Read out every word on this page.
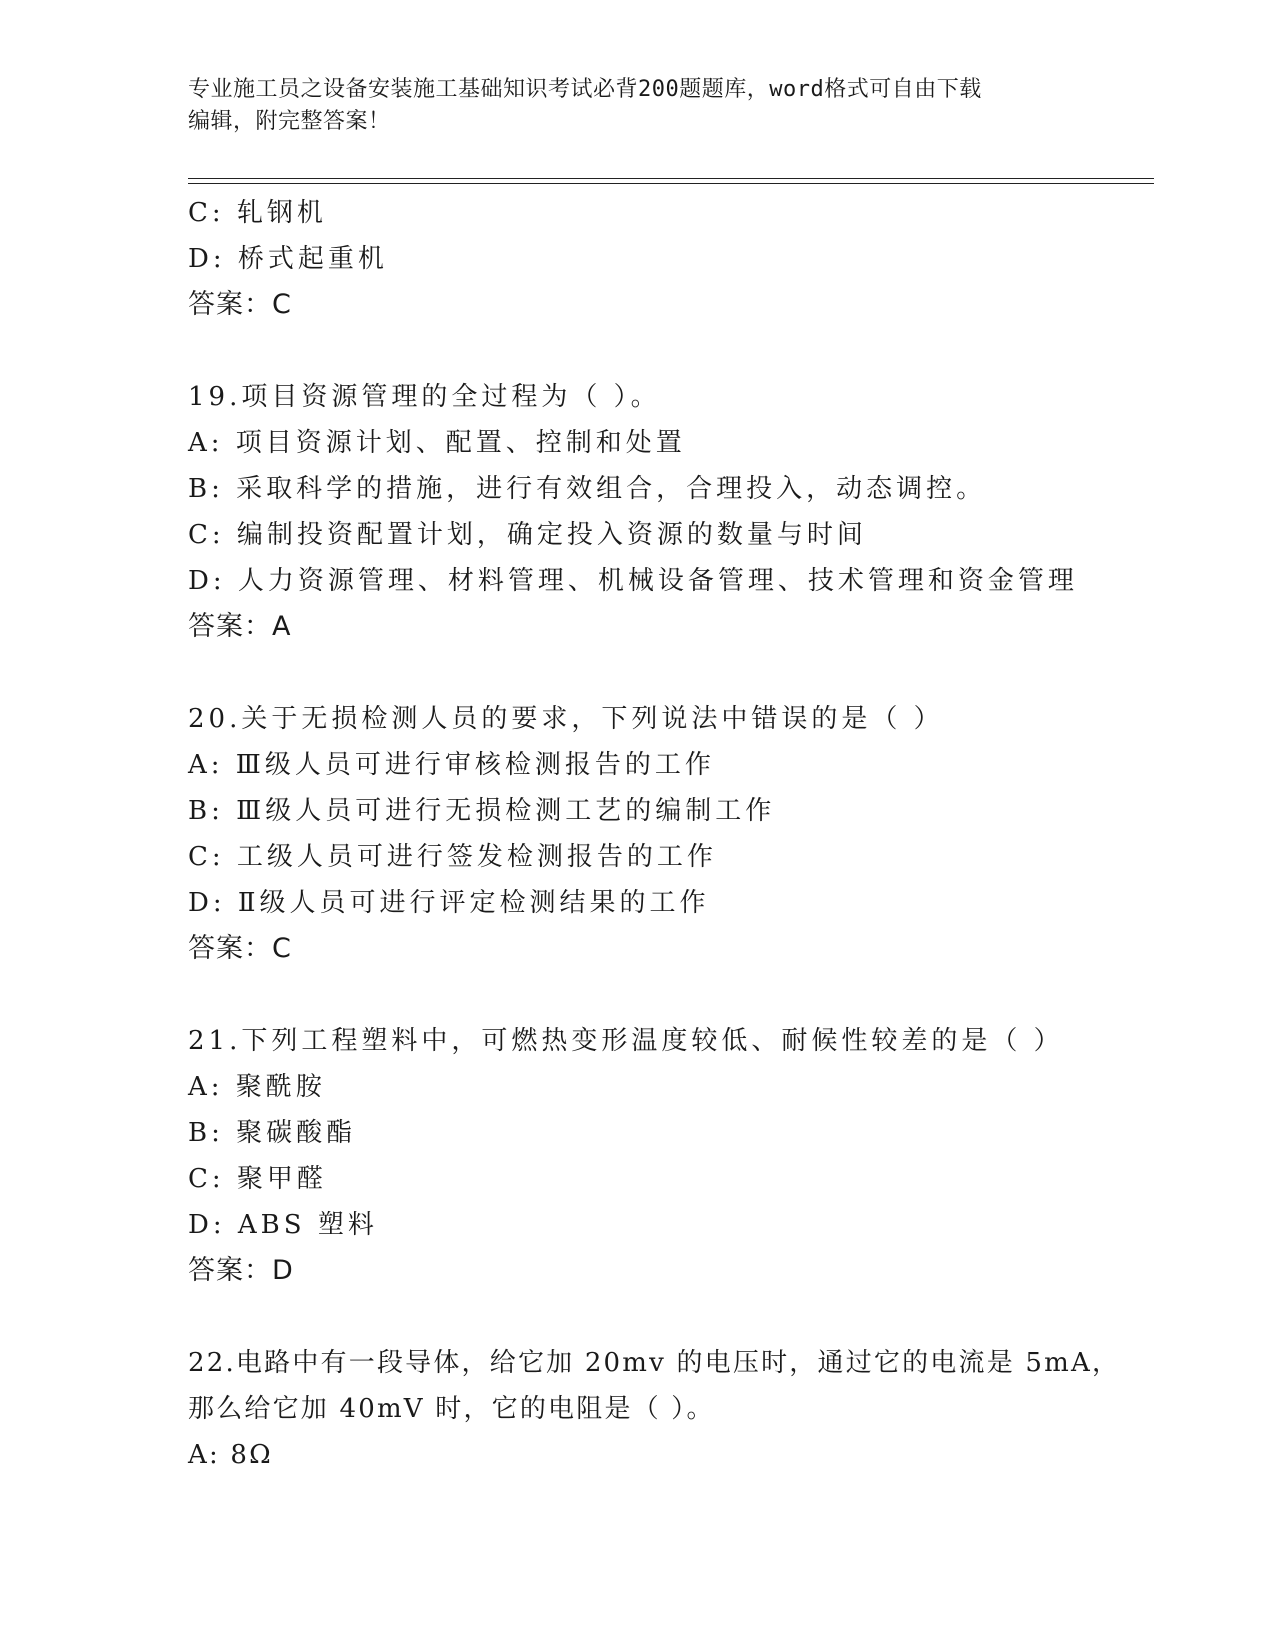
专业施工员之设备安装施工基础知识考试必背200题题库，word格式可自由下载
编辑，附完整答案！
C: 轧钢机
D: 桥式起重机
答案：C
19.项目资源管理的全过程为（ ）。
A: 项目资源计划、配置、控制和处置
B: 采取科学的措施，进行有效组合，合理投入，动态调控。
C: 编制投资配置计划，确定投入资源的数量与时间
D: 人力资源管理、材料管理、机械设备管理、技术管理和资金管理
答案：A
20.关于无损检测人员的要求，下列说法中错误的是（ ）
A: Ⅲ级人员可进行审核检测报告的工作
B: Ⅲ级人员可进行无损检测工艺的编制工作
C: 工级人员可进行签发检测报告的工作
D: Ⅱ级人员可进行评定检测结果的工作
答案：C
21.下列工程塑料中，可燃热变形温度较低、耐候性较差的是（ ）
A: 聚酰胺
B: 聚碳酸酯
C: 聚甲醛
D: ABS 塑料
答案：D
22.电路中有一段导体，给它加 20mv 的电压时，通过它的电流是 5mA，
那么给它加 40mV 时，它的电阻是（ ）。
A: 8Ω
